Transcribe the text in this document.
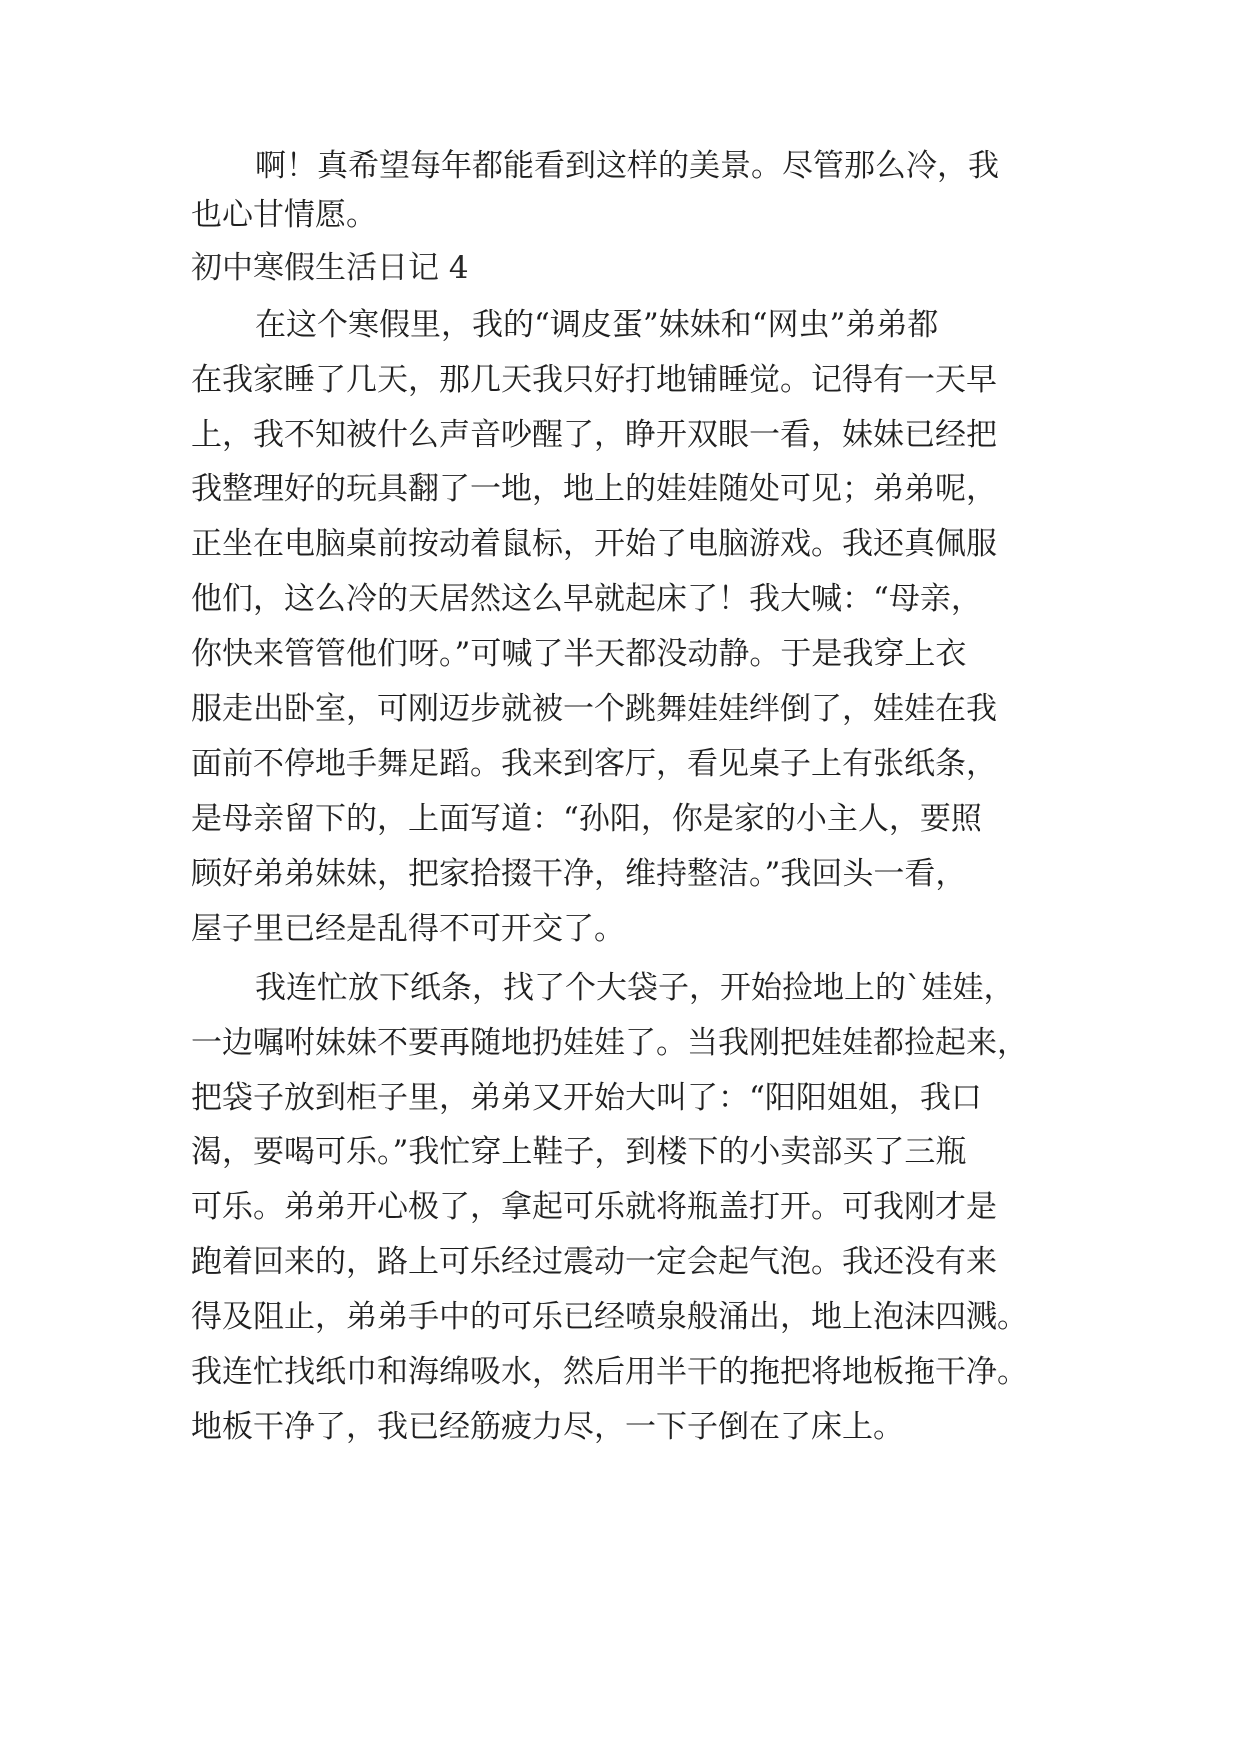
啊！真希望每年都能看到这样的美景。尽管那么冷，我
也心甘情愿。
初中寒假生活日记 4
在这个寒假里，我的“调皮蛋”妹妹和“网虫”弟弟都
在我家睡了几天，那几天我只好打地铺睡觉。记得有一天早
上，我不知被什么声音吵醒了，睁开双眼一看，妹妹已经把
我整理好的玩具翻了一地，地上的娃娃随处可见；弟弟呢，
正坐在电脑桌前按动着鼠标，开始了电脑游戏。我还真佩服
他们，这么冷的天居然这么早就起床了！我大喊：“母亲，
你快来管管他们呀。”可喊了半天都没动静。于是我穿上衣
服走出卧室，可刚迈步就被一个跳舞娃娃绊倒了，娃娃在我
面前不停地手舞足蹈。我来到客厅，看见桌子上有张纸条，
是母亲留下的，上面写道：“孙阳，你是家的小主人，要照
顾好弟弟妹妹，把家拾掇干净，维持整洁。”我回头一看，
屋子里已经是乱得不可开交了。
我连忙放下纸条，找了个大袋子，开始捡地上的`娃娃，
一边嘱咐妹妹不要再随地扔娃娃了。当我刚把娃娃都捡起来，
把袋子放到柜子里，弟弟又开始大叫了：“阳阳姐姐，我口
渴，要喝可乐。”我忙穿上鞋子，到楼下的小卖部买了三瓶
可乐。弟弟开心极了，拿起可乐就将瓶盖打开。可我刚才是
跑着回来的，路上可乐经过震动一定会起气泡。我还没有来
得及阻止，弟弟手中的可乐已经喷泉般涌出，地上泡沫四溅。
我连忙找纸巾和海绵吸水，然后用半干的拖把将地板拖干净。
地板干净了，我已经筋疲力尽，一下子倒在了床上。
